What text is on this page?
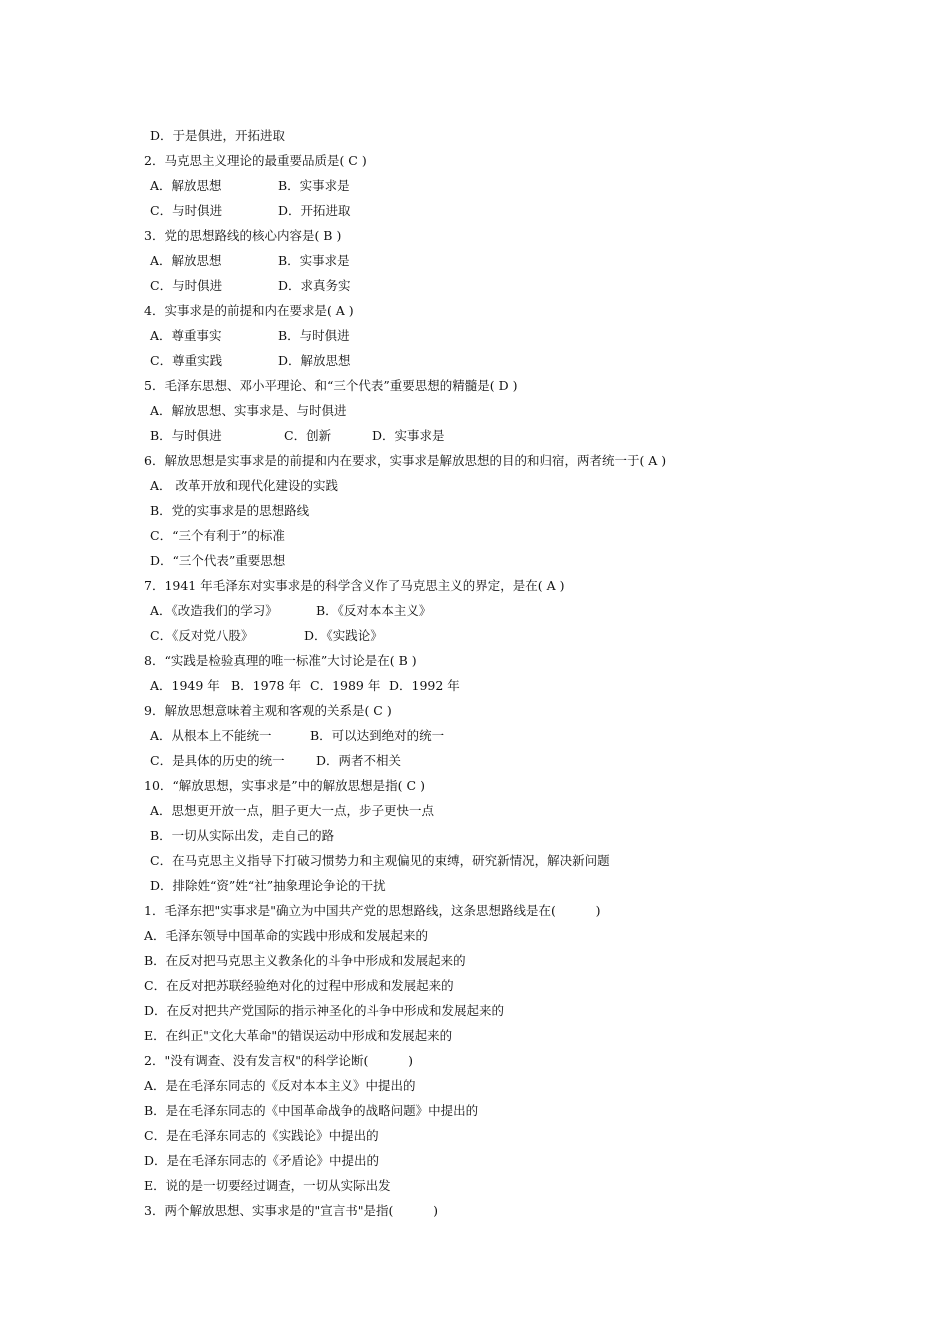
D．于是俱进，开拓进取
2．马克思主义理论的最重要品质是( C )
A．解放思想	B．实事求是
C．与时俱进	D．开拓进取
3．党的思想路线的核心内容是( B )
A．解放思想	B．实事求是
C．与时俱进	D．求真务实
4．实事求是的前提和内在要求是( A )
A．尊重事实	B．与时俱进
C．尊重实践	D．解放思想
5．毛泽东思想、邓小平理论、和“三个代表”重要思想的精髓是( D )
A．解放思想、实事求是、与时俱进
B．与时俱进	C．创新	D．实事求是
6．解放思想是实事求是的前提和内在要求，实事求是解放思想的目的和归宿，两者统一于( A )
A． 改革开放和现代化建设的实践
B．党的实事求是的思想路线
C．“三个有利于”的标准
D．“三个代表”重要思想
7．1941 年毛泽东对实事求是的科学含义作了马克思主义的界定，是在( A )
A．《改造我们的学习》	B．《反对本本主义》
C．《反对党八股》	D．《实践论》
8．“实践是检验真理的唯一标准”大讨论是在( B )
A．1949 年 B．1978 年 C．1989 年 D．1992 年
9．解放思想意味着主观和客观的关系是( C )
A．从根本上不能统一	B．可以达到绝对的统一
C．是具体的历史的统一	D．两者不相关
10．“解放思想，实事求是”中的解放思想是指( C )
A．思想更开放一点，胆子更大一点，步子更快一点
B．一切从实际出发，走自己的路
C．在马克思主义指导下打破习惯势力和主观偏见的束缚，研究新情况，解决新问题
D．排除姓“资”姓“社”抽象理论争论的干扰
1．毛泽东把"实事求是"确立为中国共产党的思想路线，这条思想路线是在(          )
A．毛泽东领导中国革命的实践中形成和发展起来的
B．在反对把马克思主义教条化的斗争中形成和发展起来的
C．在反对把苏联经验绝对化的过程中形成和发展起来的
D．在反对把共产党国际的指示神圣化的斗争中形成和发展起来的
E．在纠正"文化大革命"的错误运动中形成和发展起来的
2．"没有调查、没有发言权"的科学论断(          )
A．是在毛泽东同志的《反对本本主义》中提出的
B．是在毛泽东同志的《中国革命战争的战略问题》中提出的
C．是在毛泽东同志的《实践论》中提出的
D．是在毛泽东同志的《矛盾论》中提出的
E．说的是一切要经过调查，一切从实际出发
3．两个解放思想、实事求是的"宣言书"是指(          )
